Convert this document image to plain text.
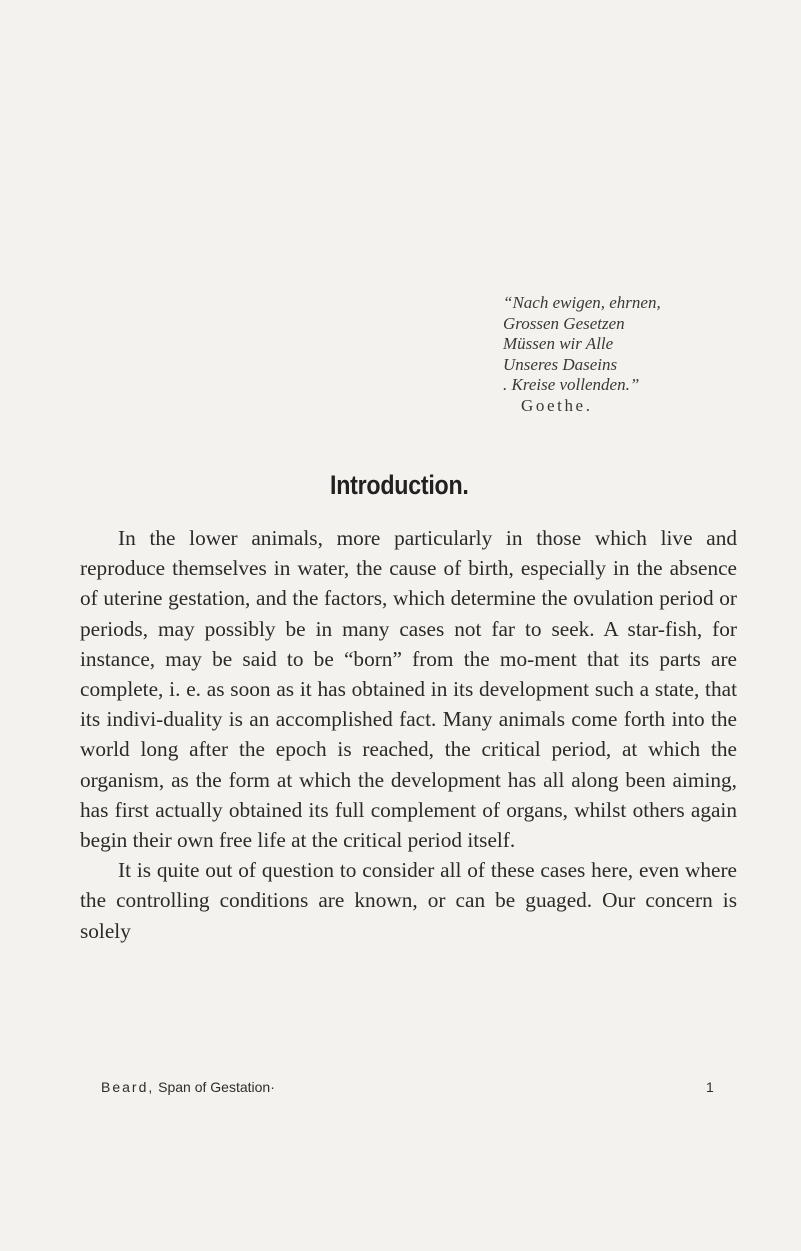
“Nach ewigen, ehrnen,
Grossen Gesetzen
Müssen wir Alle
Unseres Daseins
. Kreise vollenden.”
Goethe.
Introduction.

In the lower animals, more particularly in those which live and reproduce themselves in water, the cause of birth, especially in the absence of uterine gestation, and the factors, which determine the ovulation period or periods, may possibly be in many cases not far to seek. A star-fish, for instance, may be said to be “born” from the mo-ment that its parts are complete, i. e. as soon as it has obtained in its development such a state, that its indivi-duality is an accomplished fact. Many animals come forth into the world long after the epoch is reached, the critical period, at which the organism, as the form at which the development has all along been aiming, has first actually obtained its full complement of organs, whilst others again begin their own free life at the critical period itself.

It is quite out of question to consider all of these cases here, even where the controlling conditions are known, or can be guaged. Our concern is solely

Beard, Span of Gestation·	1
